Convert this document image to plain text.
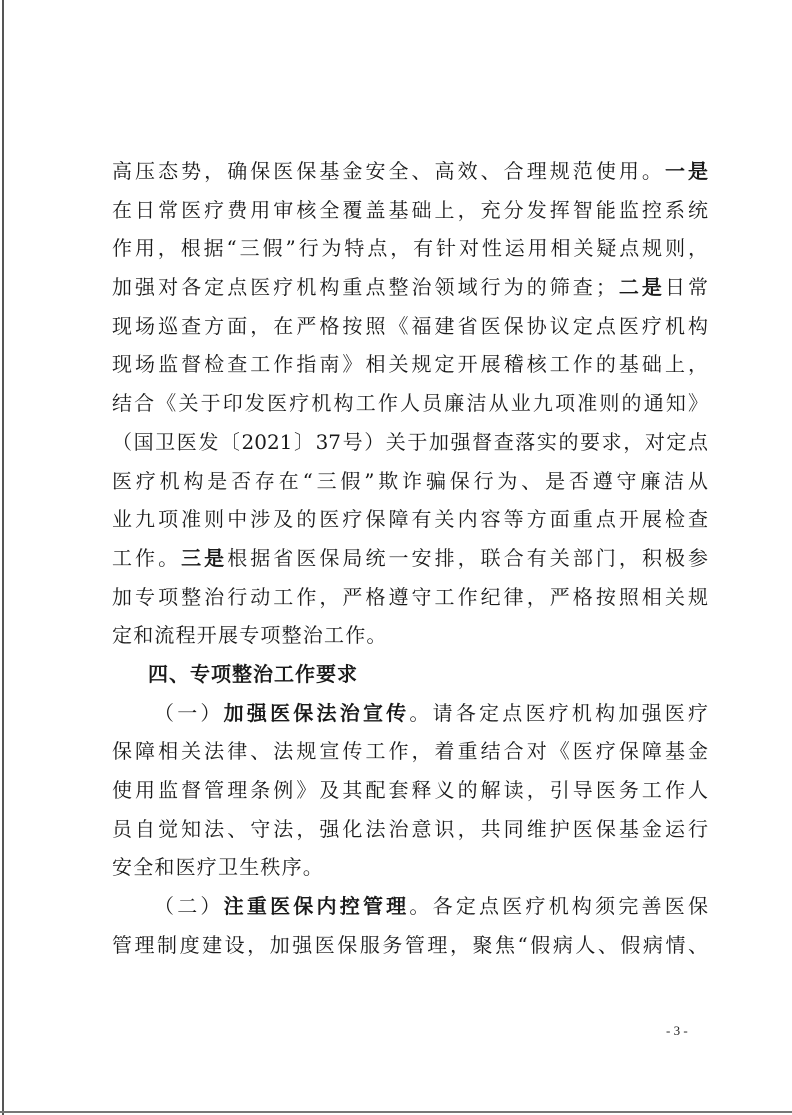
高压态势，确保医保基金安全、高效、合理规范使用。一是
在日常医疗费用审核全覆盖基础上，充分发挥智能监控系统
作用，根据“三假”行为特点，有针对性运用相关疑点规则，
加强对各定点医疗机构重点整治领域行为的筛查；二是日常
现场巡查方面，在严格按照《福建省医保协议定点医疗机构
现场监督检查工作指南》相关规定开展稽核工作的基础上，
结合《关于印发医疗机构工作人员廉洁从业九项准则的通知》
（国卫医发〔2021〕37号）关于加强督查落实的要求，对定点
医疗机构是否存在“三假”欺诈骗保行为、是否遵守廉洁从
业九项准则中涉及的医疗保障有关内容等方面重点开展检查
工作。三是根据省医保局统一安排，联合有关部门，积极参
加专项整治行动工作，严格遵守工作纪律，严格按照相关规
定和流程开展专项整治工作。
四、专项整治工作要求
（一）加强医保法治宣传。请各定点医疗机构加强医疗
保障相关法律、法规宣传工作，着重结合对《医疗保障基金
使用监督管理条例》及其配套释义的解读，引导医务工作人
员自觉知法、守法，强化法治意识，共同维护医保基金运行
安全和医疗卫生秩序。
（二）注重医保内控管理。各定点医疗机构须完善医保
管理制度建设，加强医保服务管理，聚焦“假病人、假病情、
- 3 -
